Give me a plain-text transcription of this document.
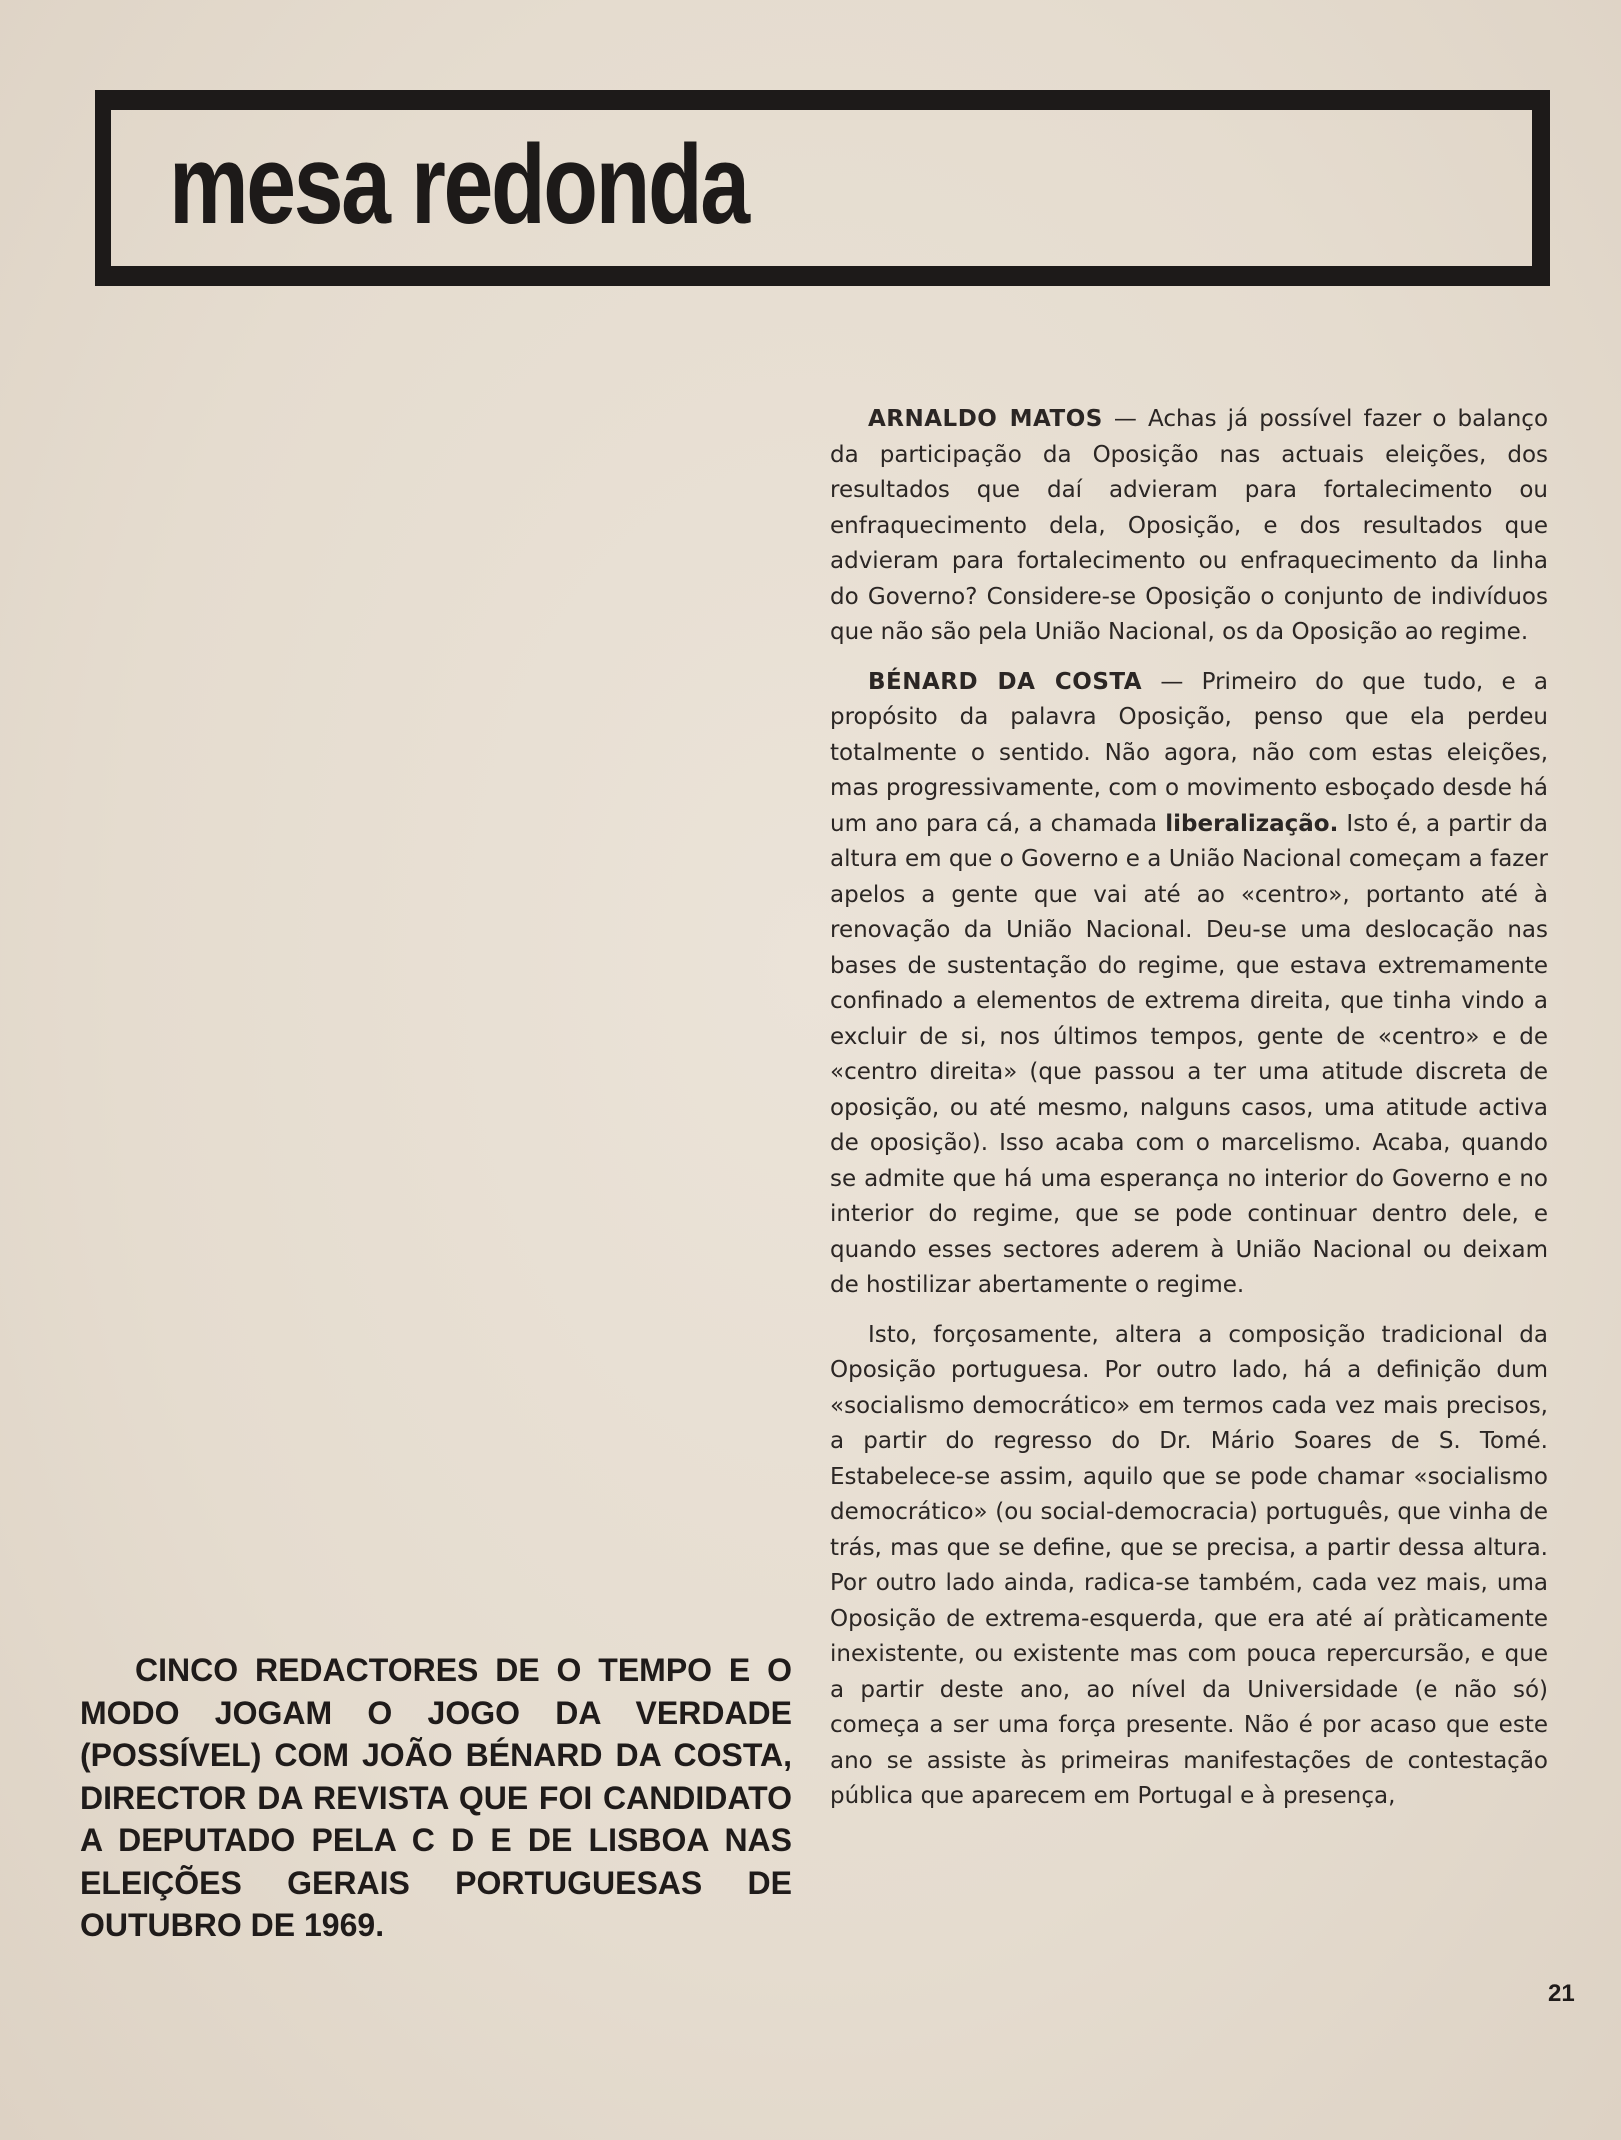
mesa redonda

ARNALDO MATOS — Achas já possível fazer o balanço da participação da Oposição nas actuais eleições, dos resultados que daí advieram para fortalecimento ou enfraquecimento dela, Oposição, e dos resultados que advieram para fortalecimento ou enfraquecimento da linha do Governo? Considere-se Oposição o conjunto de indivíduos que não são pela União Nacional, os da Oposição ao regime.

BÉNARD DA COSTA — Primeiro do que tudo, e a propósito da palavra Oposição, penso que ela perdeu totalmente o sentido. Não agora, não com estas eleições, mas progressivamente, com o movimento esboçado desde há um ano para cá, a chamada liberalização. Isto é, a partir da altura em que o Governo e a União Nacional começam a fazer apelos a gente que vai até ao «centro», portanto até à renovação da União Nacional. Deu-se uma deslocação nas bases de sustentação do regime, que estava extremamente confinado a elementos de extrema direita, que tinha vindo a excluir de si, nos últimos tempos, gente de «centro» e de «centro direita» (que passou a ter uma atitude discreta de oposição, ou até mesmo, nalguns casos, uma atitude activa de oposição). Isso acaba com o marcelismo. Acaba, quando se admite que há uma esperança no interior do Governo e no interior do regime, que se pode continuar dentro dele, e quando esses sectores aderem à União Nacional ou deixam de hostilizar abertamente o regime.

Isto, forçosamente, altera a composição tradicional da Oposição portuguesa. Por outro lado, há a definição dum «socialismo democrático» em termos cada vez mais precisos, a partir do regresso do Dr. Mário Soares de S. Tomé. Estabelece-se assim, aquilo que se pode chamar «socialismo democrático» (ou social-democracia) português, que vinha de trás, mas que se define, que se precisa, a partir dessa altura. Por outro lado ainda, radica-se também, cada vez mais, uma Oposição de extrema-esquerda, que era até aí pràticamente inexistente, ou existente mas com pouca repercursão, e que a partir deste ano, ao nível da Universidade (e não só) começa a ser uma força presente. Não é por acaso que este ano se assiste às primeiras manifestações de contestação pública que aparecem em Portugal e à presença,

CINCO REDACTORES DE O TEMPO E O MODO JOGAM O JOGO DA VERDADE (POSSÍVEL) COM JOÃO BÉNARD DA COSTA, DIRECTOR DA REVISTA QUE FOI CANDIDATO A DEPUTADO PELA C D E DE LISBOA NAS ELEIÇÕES GERAIS PORTUGUESAS DE OUTUBRO DE 1969.
21
